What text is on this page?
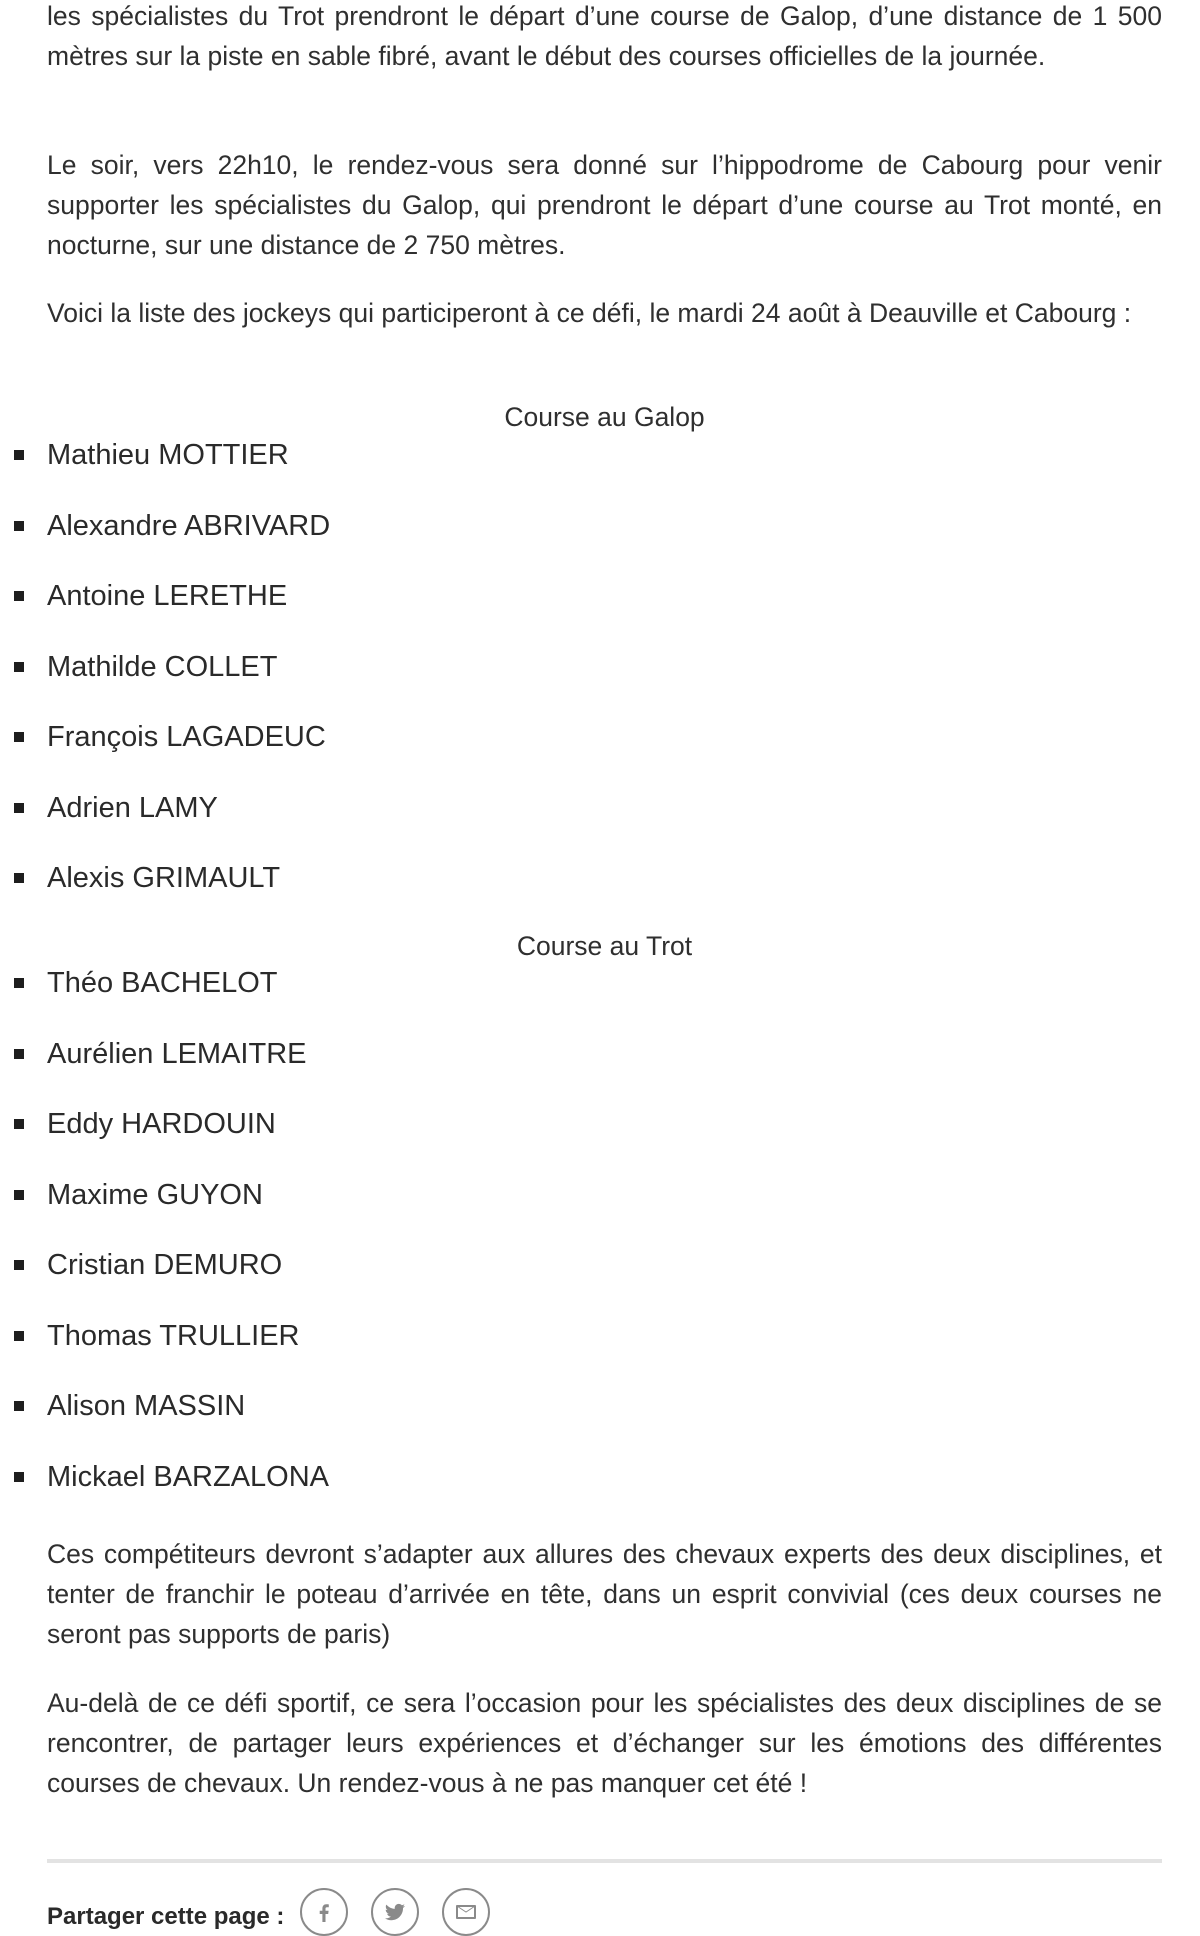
les spécialistes du Trot prendront le départ d’une course de Galop, d’une distance de 1 500 mètres sur la piste en sable fibré, avant le début des courses officielles de la journée.

Le soir, vers 22h10, le rendez-vous sera donné sur l’hippodrome de Cabourg pour venir supporter les spécialistes du Galop, qui prendront le départ d’une course au Trot monté, en nocturne, sur une distance de 2 750 mètres.

Voici la liste des jockeys qui participeront à ce défi, le mardi 24 août à Deauville et Cabourg :

Course au Galop
Mathieu MOTTIER
Alexandre ABRIVARD
Antoine LERETHE
Mathilde COLLET
François LAGADEUC
Adrien LAMY
Alexis GRIMAULT
Course au Trot
Théo BACHELOT
Aurélien LEMAITRE
Eddy HARDOUIN
Maxime GUYON
Cristian DEMURO
Thomas TRULLIER
Alison MASSIN
Mickael BARZALONA

Ces compétiteurs devront s’adapter aux allures des chevaux experts des deux disciplines, et tenter de franchir le poteau d’arrivée en tête, dans un esprit convivial (ces deux courses ne seront pas supports de paris)

Au-delà de ce défi sportif, ce sera l’occasion pour les spécialistes des deux disciplines de se rencontrer, de partager leurs expériences et d’échanger sur les émotions des différentes courses de chevaux. Un rendez-vous à ne pas manquer cet été !

Partager cette page :
